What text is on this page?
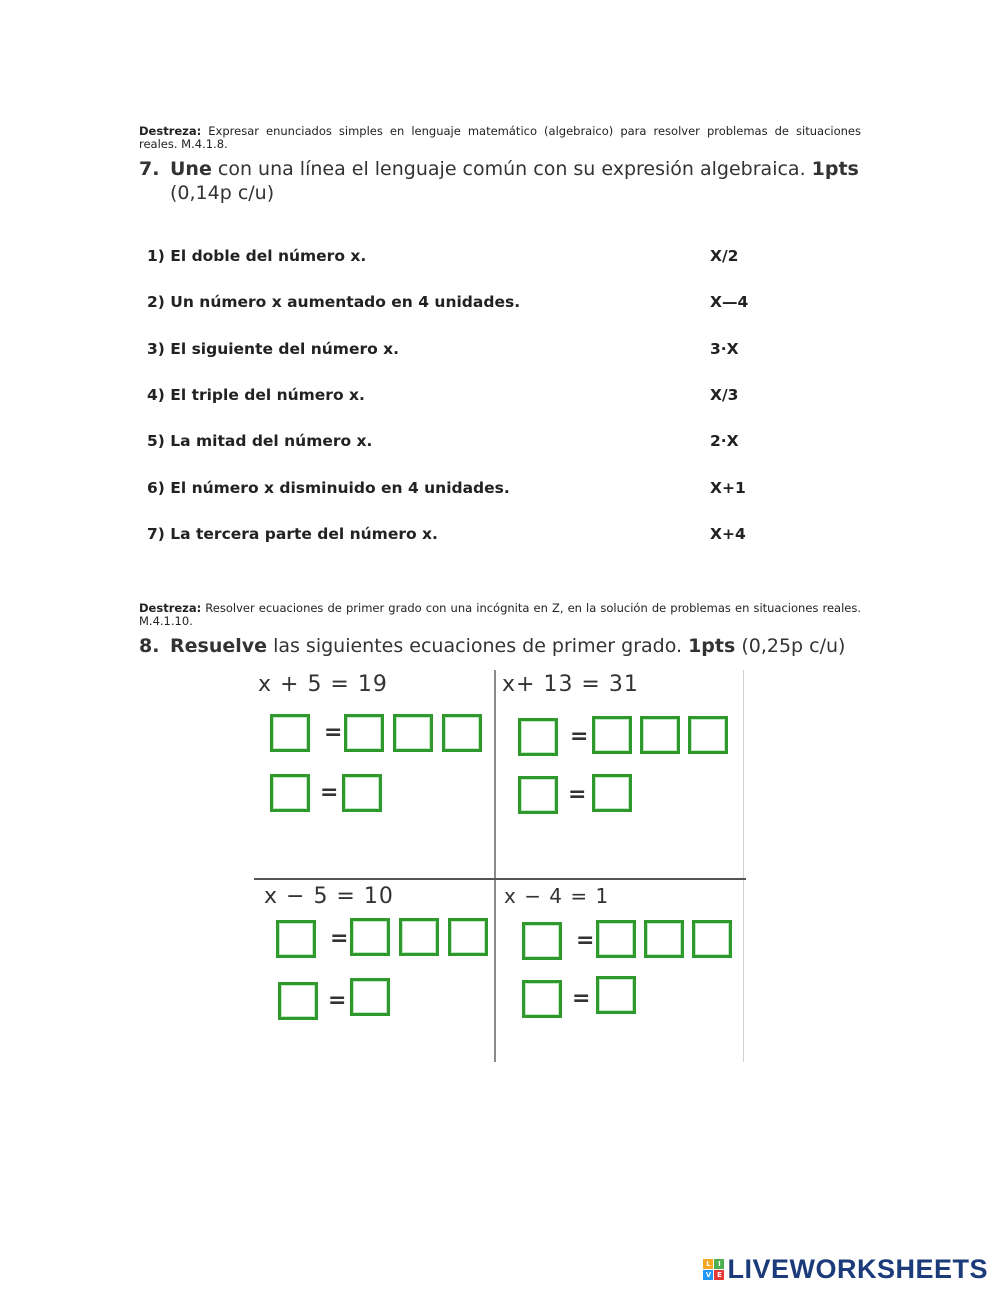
Destreza: Expresar enunciados simples en lenguaje matemático (algebraico) para resolver problemas de situaciones reales. M.4.1.8.
7. Une con una línea el lenguaje común con su expresión algebraica. 1pts
(0,14p c/u)
1) El doble del número x.	X/2
2) Un número x aumentado en 4 unidades.	X—4
3) El siguiente del número x.	3·X
4) El triple del número x.	X/3
5) La mitad del número x.	2·X
6) El número x disminuido en 4 unidades.	X+1
7) La tercera parte del número x.	X+4
Destreza: Resolver ecuaciones de primer grado con una incógnita en Z, en la solución de problemas en situaciones reales. M.4.1.10.
8. Resuelve las siguientes ecuaciones de primer grado. 1pts (0,25p c/u)
x + 5 = 19
=
=
x+ 13 = 31
=
=
x − 5 = 10
=
=
x − 4 = 1
=
=
L	I
V E LIVEWORKSHEETS
